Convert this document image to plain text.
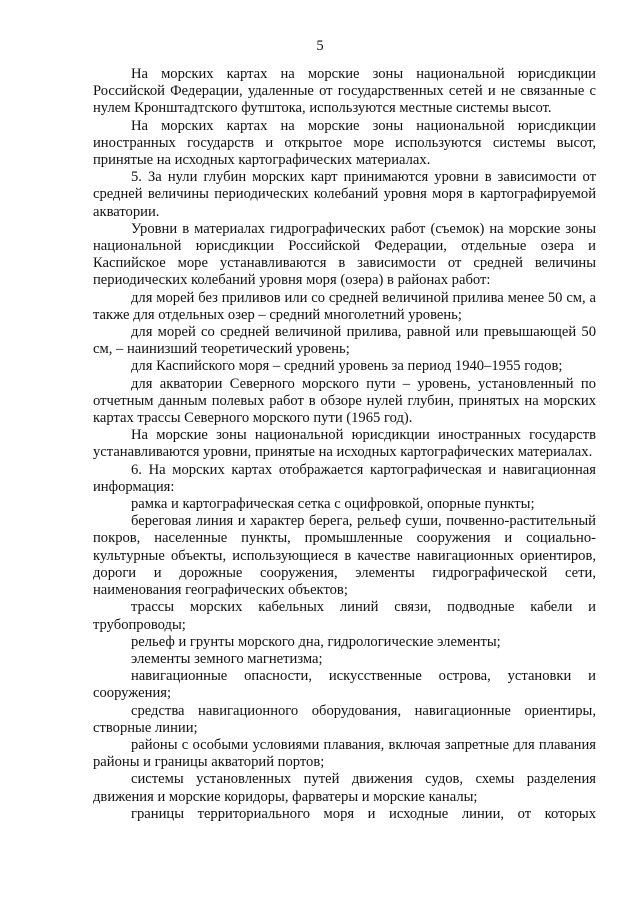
5

На морских картах на морские зоны национальной юрисдикции Российской Федерации, удаленные от государственных сетей и не связанные с нулем Кронштадтского футштока, используются местные системы высот.

На морских картах на морские зоны национальной юрисдикции иностранных государств и открытое море используются системы высот, принятые на исходных картографических материалах.

5. За нули глубин морских карт принимаются уровни в зависимости от средней величины периодических колебаний уровня моря в картографируемой акватории.

Уровни в материалах гидрографических работ (съемок) на морские зоны национальной юрисдикции Российской Федерации, отдельные озера и Каспийское море устанавливаются в зависимости от средней величины периодических колебаний уровня моря (озера) в районах работ:

для морей без приливов или со средней величиной прилива менее 50 см, а также для отдельных озер – средний многолетний уровень;

для морей со средней величиной прилива, равной или превышающей 50 см, – наинизший теоретический уровень;

для Каспийского моря – средний уровень за период 1940–1955 годов;

для акватории Северного морского пути – уровень, установленный по отчетным данным полевых работ в обзоре нулей глубин, принятых на морских картах трассы Северного морского пути (1965 год).

На морские зоны национальной юрисдикции иностранных государств устанавливаются уровни, принятые на исходных картографических материалах.

6. На морских картах отображается картографическая и навигационная информация:

рамка и картографическая сетка с оцифровкой, опорные пункты;

береговая линия и характер берега, рельеф суши, почвенно-растительный покров, населенные пункты, промышленные сооружения и социально-культурные объекты, использующиеся в качестве навигационных ориентиров, дороги и дорожные сооружения, элементы гидрографической сети, наименования географических объектов;

трассы морских кабельных линий связи, подводные кабели и трубопроводы;

рельеф и грунты морского дна, гидрологические элементы;

элементы земного магнетизма;

навигационные опасности, искусственные острова, установки и сооружения;

средства навигационного оборудования, навигационные ориентиры, створные линии;

районы с особыми условиями плавания, включая запретные для плавания районы и границы акваторий портов;

системы установленных путей движения судов, схемы разделения движения и морские коридоры, фарватеры и морские каналы;

границы территориального моря и исходные линии, от которых
